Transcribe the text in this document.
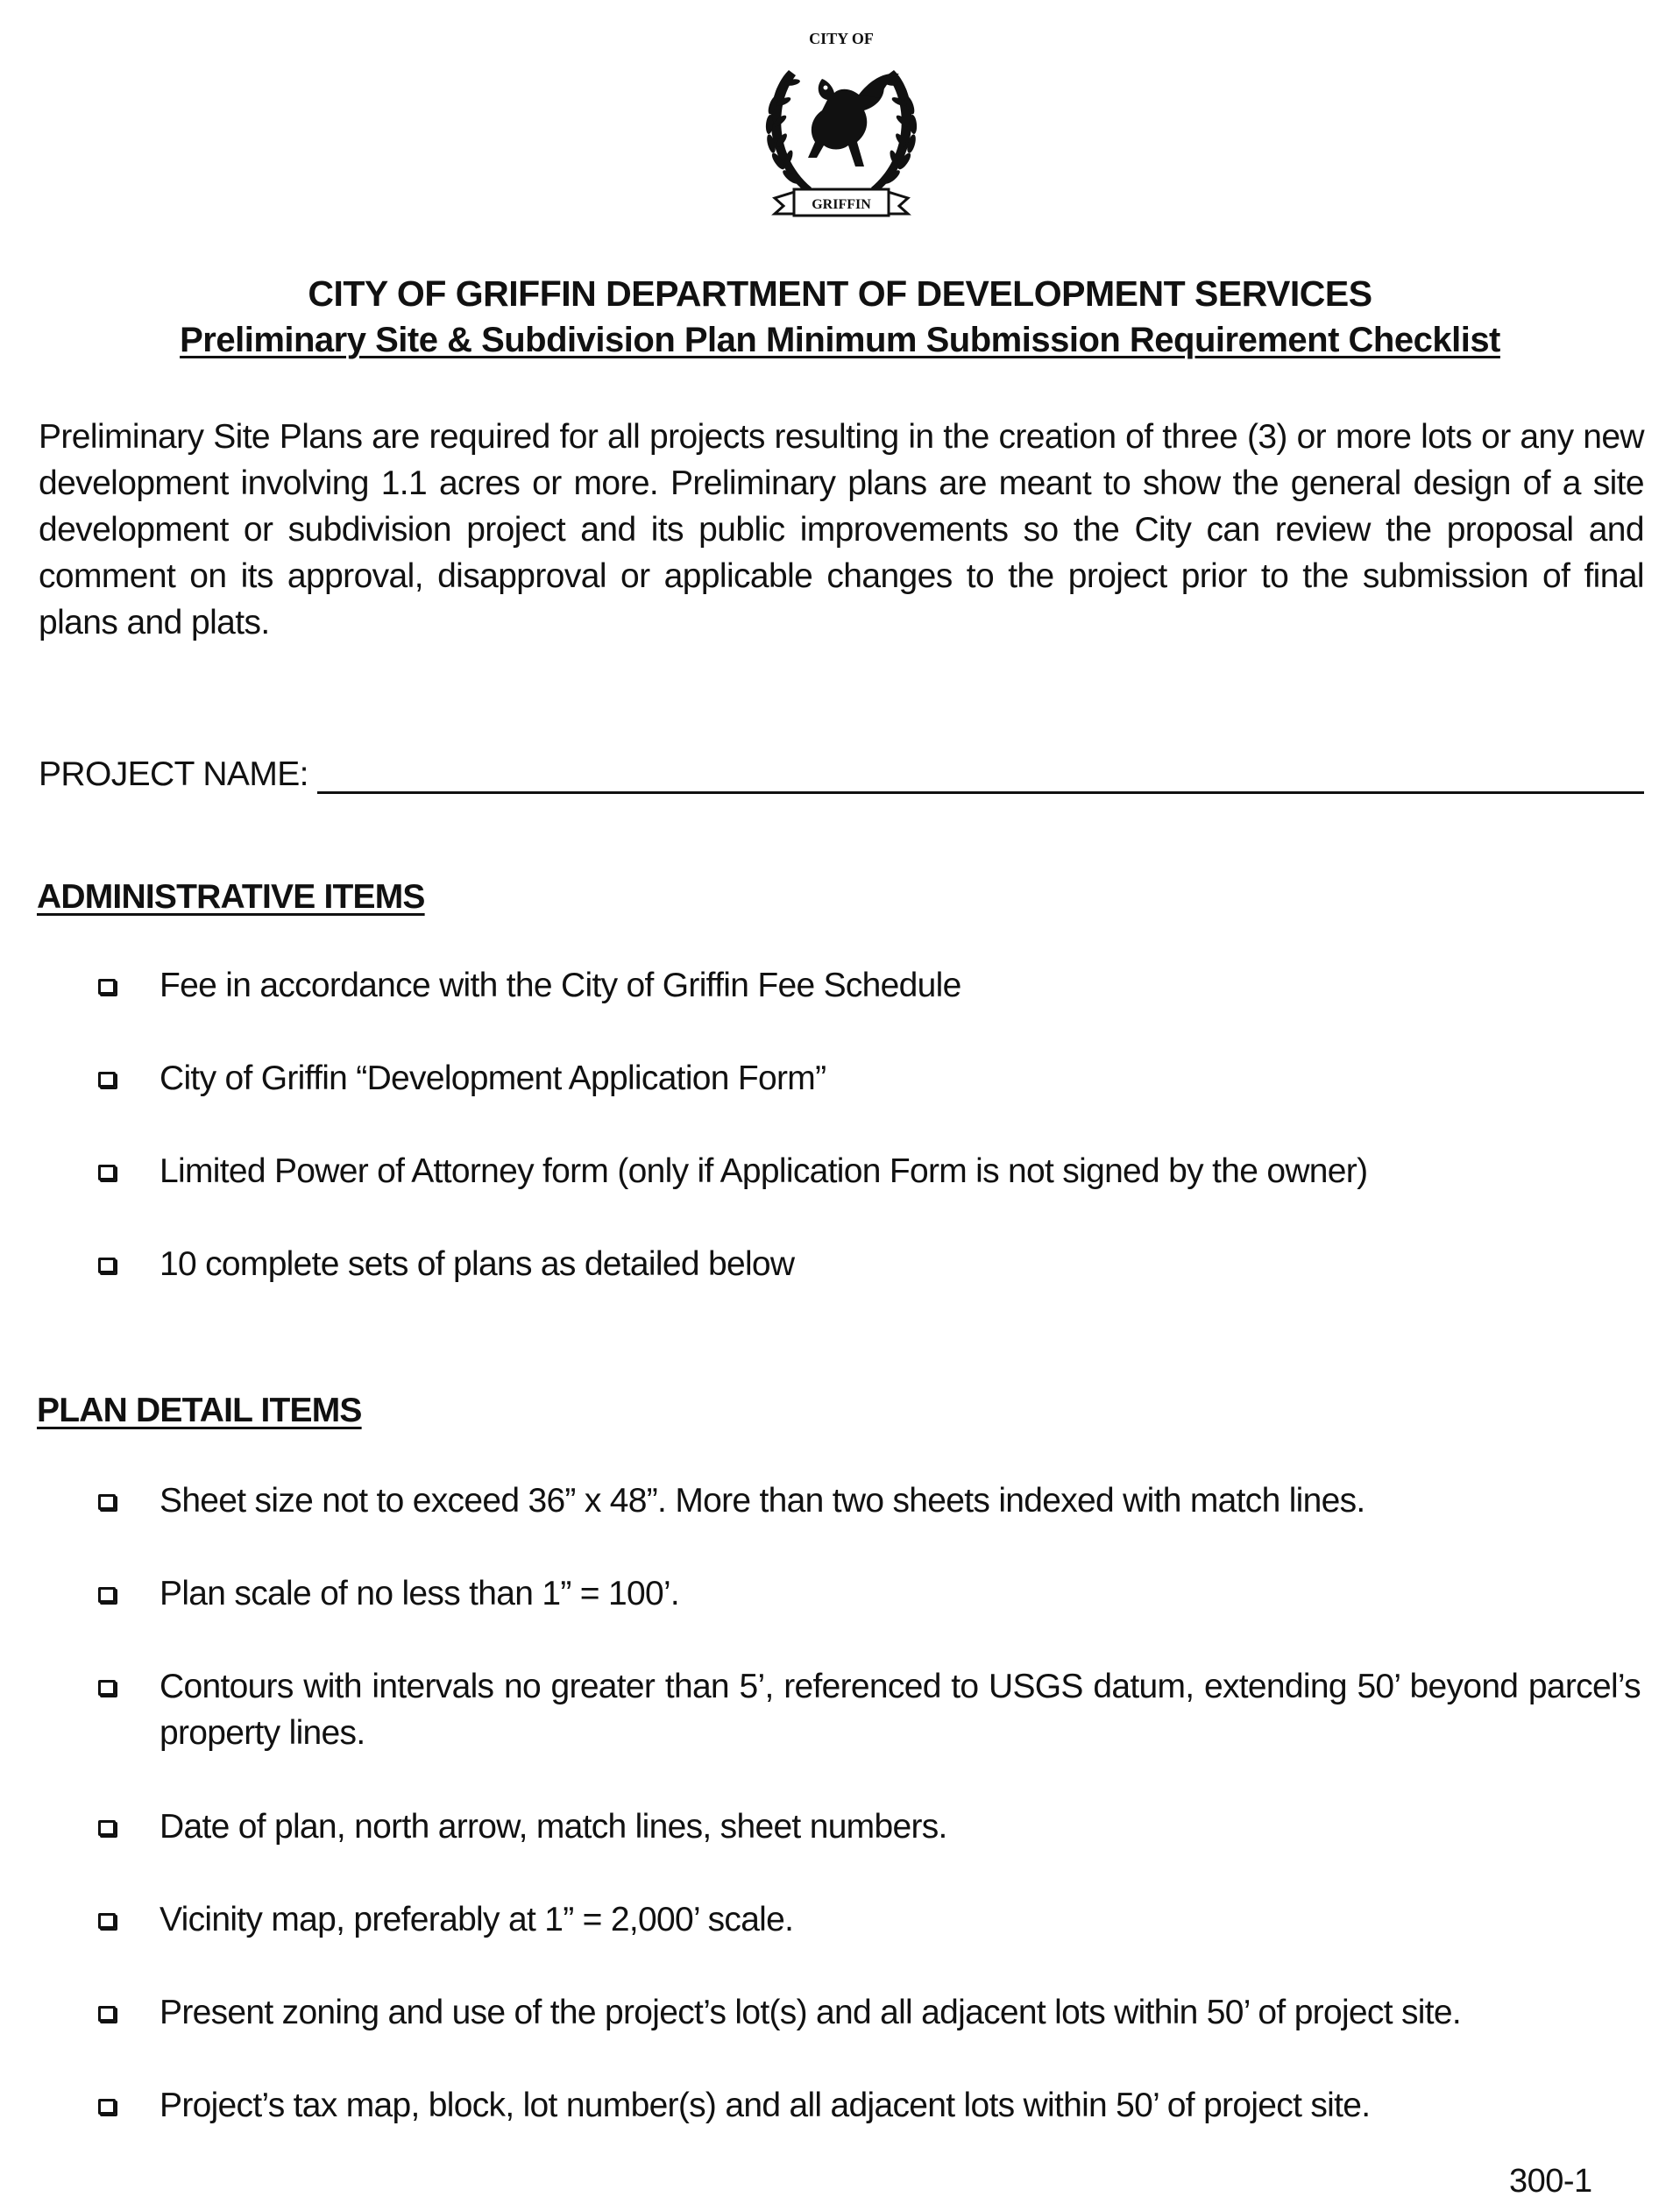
CITY OF
GRIFFIN
CITY OF GRIFFIN DEPARTMENT OF DEVELOPMENT SERVICES
Preliminary Site & Subdivision Plan Minimum Submission Requirement Checklist

Preliminary Site Plans are required for all projects resulting in the creation of three (3) or more lots or any new development involving 1.1 acres or more. Preliminary plans are meant to show the general design of a site development or subdivision project and its public improvements so the City can review the proposal and comment on its approval, disapproval or applicable changes to the project prior to the submission of final plans and plats.

PROJECT NAME:
ADMINISTRATIVE ITEMS
Fee in accordance with the City of Griffin Fee Schedule
City of Griffin “Development Application Form”
Limited Power of Attorney form (only if Application Form is not signed by the owner)
10 complete sets of plans as detailed below
PLAN DETAIL ITEMS
Sheet size not to exceed 36” x 48”. More than two sheets indexed with match lines.
Plan scale of no less than 1” = 100’.
Contours with intervals no greater than 5’, referenced to USGS datum, extending 50’ beyond parcel’s property lines.
Date of plan, north arrow, match lines, sheet numbers.
Vicinity map, preferably at 1” = 2,000’ scale.
Present zoning and use of the project’s lot(s) and all adjacent lots within 50’ of project site.
Project’s tax map, block, lot number(s) and all adjacent lots within 50’ of project site.
300-1
